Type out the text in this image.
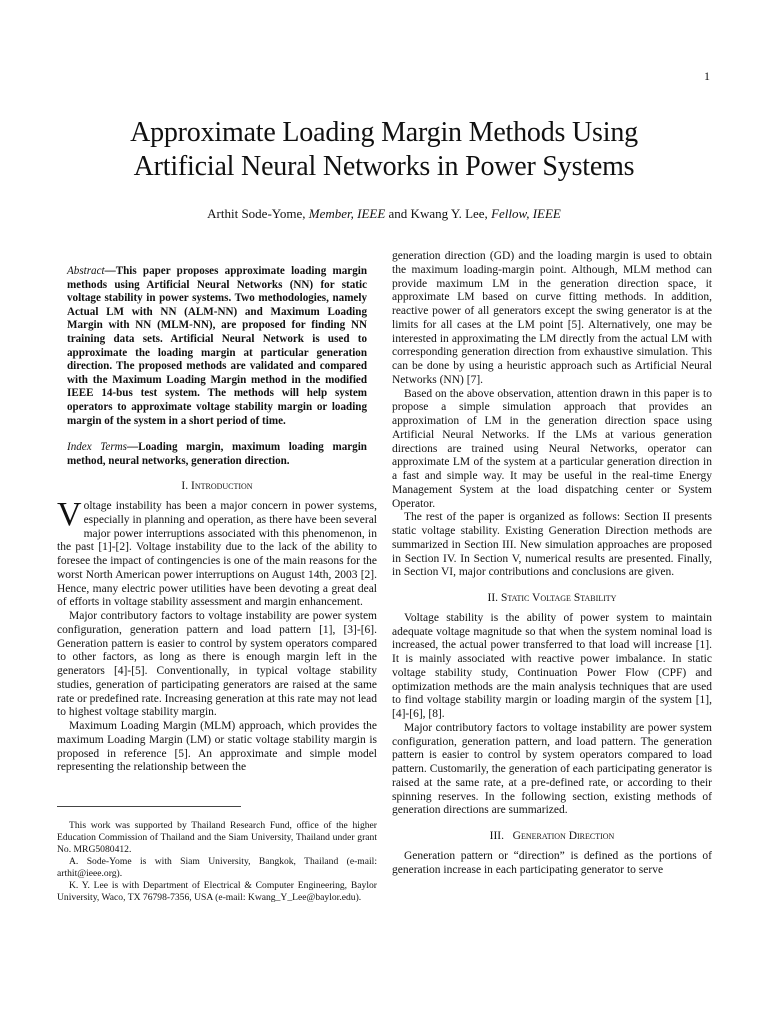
1
Approximate Loading Margin Methods Using
Artificial Neural Networks in Power Systems
Arthit Sode-Yome, Member, IEEE and Kwang Y. Lee, Fellow, IEEE
Abstract—This paper proposes approximate loading margin methods using Artificial Neural Networks (NN) for static voltage stability in power systems. Two methodologies, namely Actual LM with NN (ALM-NN) and Maximum Loading Margin with NN (MLM-NN), are proposed for finding NN training data sets. Artificial Neural Network is used to approximate the loading margin at particular generation direction. The proposed methods are validated and compared with the Maximum Loading Margin method in the modified IEEE 14-bus test system. The methods will help system operators to approximate voltage stability margin or loading margin of the system in a short period of time.
Index Terms—Loading margin, maximum loading margin method, neural networks, generation direction.
I. Introduction

Voltage instability has been a major concern in power systems, especially in planning and operation, as there have been several major power interruptions associated with this phenomenon, in the past [1]-[2]. Voltage instability due to the lack of the ability to foresee the impact of contingencies is one of the main reasons for the worst North American power interruptions on August 14th, 2003 [2]. Hence, many electric power utilities have been devoting a great deal of efforts in voltage stability assessment and margin enhancement.

Major contributory factors to voltage instability are power system configuration, generation pattern and load pattern [1], [3]-[6]. Generation pattern is easier to control by system operators compared to other factors, as long as there is enough margin left in the generators [4]-[5]. Conventionally, in typical voltage stability studies, generation of participating generators are raised at the same rate or predefined rate. Increasing generation at this rate may not lead to highest voltage stability margin.

Maximum Loading Margin (MLM) approach, which provides the maximum Loading Margin (LM) or static voltage stability margin is proposed in reference [5]. An approximate and simple model representing the relationship between the

This work was supported by Thailand Research Fund, office of the higher Education Commission of Thailand and the Siam University, Thailand under grant No. MRG5080412.

A. Sode-Yome is with Siam University, Bangkok, Thailand (e-mail: arthit@ieee.org).

K. Y. Lee is with Department of Electrical & Computer Engineering, Baylor University, Waco, TX 76798-7356, USA (e-mail: Kwang_Y_Lee@baylor.edu).

generation direction (GD) and the loading margin is used to obtain the maximum loading-margin point. Although, MLM method can provide maximum LM in the generation direction space, it approximate LM based on curve fitting methods. In addition, reactive power of all generators except the swing generator is at the limits for all cases at the LM point [5]. Alternatively, one may be interested in approximating the LM directly from the actual LM with corresponding generation direction from exhaustive simulation. This can be done by using a heuristic approach such as Artificial Neural Networks (NN) [7].

Based on the above observation, attention drawn in this paper is to propose a simple simulation approach that provides an approximation of LM in the generation direction space using Artificial Neural Networks. If the LMs at various generation directions are trained using Neural Networks, operator can approximate LM of the system at a particular generation direction in a fast and simple way. It may be useful in the real-time Energy Management System at the load dispatching center or System Operator.

The rest of the paper is organized as follows: Section II presents static voltage stability. Existing Generation Direction methods are summarized in Section III. New simulation approaches are proposed in Section IV. In Section V, numerical results are presented. Finally, in Section VI, major contributions and conclusions are given.

II. Static Voltage Stability

Voltage stability is the ability of power system to maintain adequate voltage magnitude so that when the system nominal load is increased, the actual power transferred to that load will increase [1]. It is mainly associated with reactive power imbalance. In static voltage stability study, Continuation Power Flow (CPF) and optimization methods are the main analysis techniques that are used to find voltage stability margin or loading margin of the system [1], [4]-[6], [8].

Major contributory factors to voltage instability are power system configuration, generation pattern, and load pattern. The generation pattern is easier to control by system operators compared to load pattern. Customarily, the generation of each participating generator is raised at the same rate, at a pre-defined rate, or according to their spinning reserves. In the following section, existing methods of generation directions are summarized.

III.   Generation Direction

Generation pattern or “direction” is defined as the portions of generation increase in each participating generator to serve
